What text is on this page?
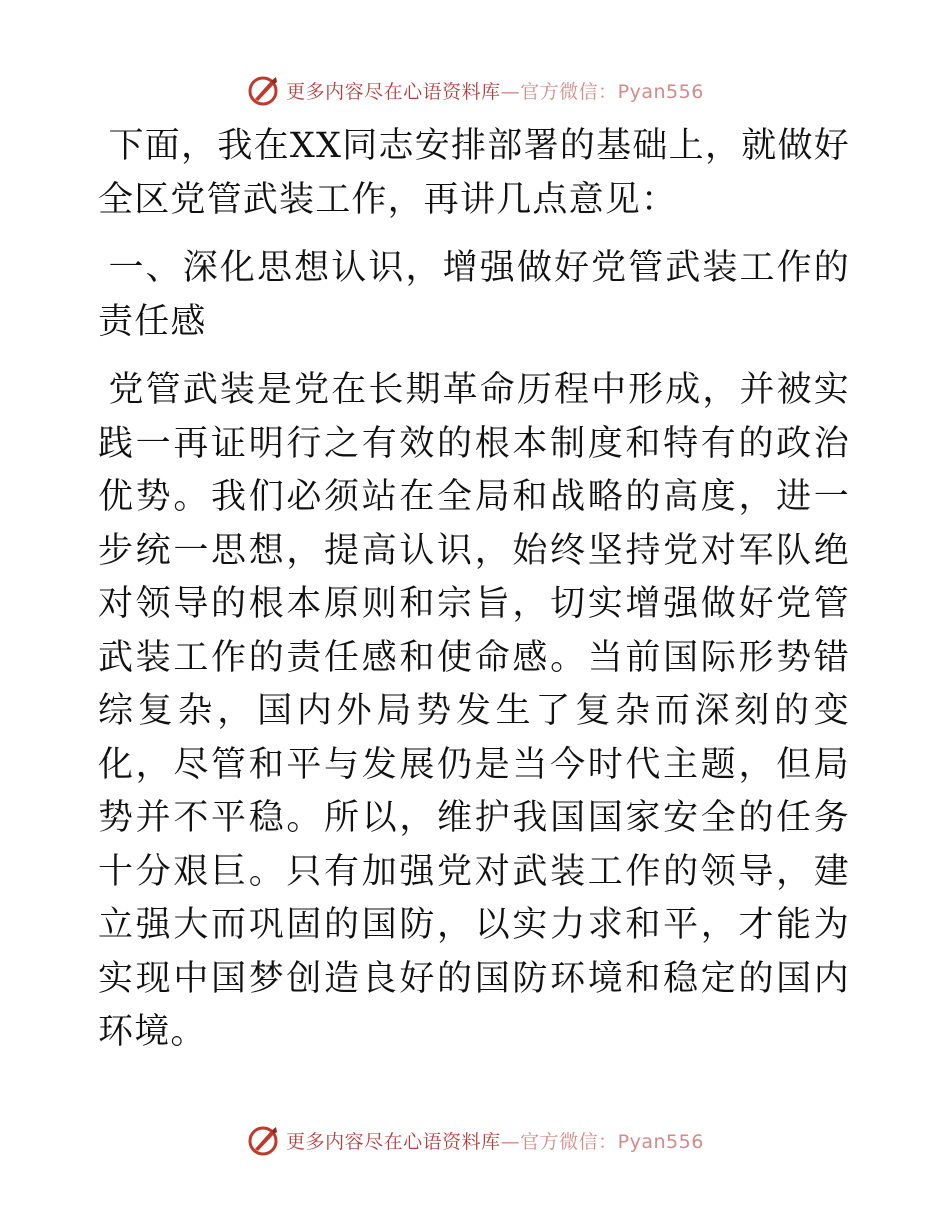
更多内容尽在心语资料库—官方微信：Pyan556

下面，我在XX同志安排部署的基础上，就做好全区党管武装工作，再讲几点意见：

一、深化思想认识，增强做好党管武装工作的责任感

党管武装是党在长期革命历程中形成，并被实践一再证明行之有效的根本制度和特有的政治优势。我们必须站在全局和战略的高度，进一步统一思想，提高认识，始终坚持党对军队绝对领导的根本原则和宗旨，切实增强做好党管武装工作的责任感和使命感。当前国际形势错综复杂，国内外局势发生了复杂而深刻的变化，尽管和平与发展仍是当今时代主题，但局势并不平稳。所以，维护我国国家安全的任务十分艰巨。只有加强党对武装工作的领导，建立强大而巩固的国防，以实力求和平，才能为实现中国梦创造良好的国防环境和稳定的国内环境。

更多内容尽在心语资料库—官方微信：Pyan556
